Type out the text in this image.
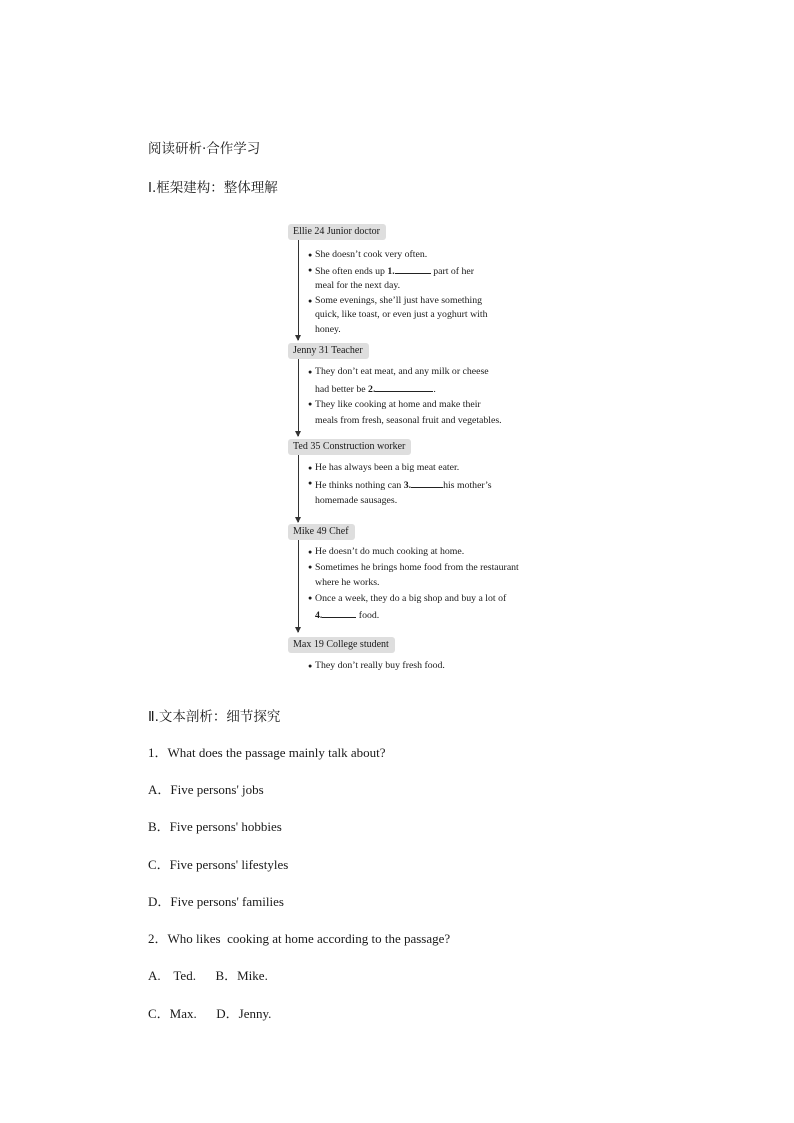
阅读研析·合作学习
Ⅰ.框架建构：整体理解
Ellie 24 Junior doctor
● She doesn’t cook very often.
● She often ends up 1.	part of her
meal for the next day.
● Some evenings, she’ll just have something
quick, like toast, or even just a yoghurt with
honey.
Jenny 31 Teacher
● They don’t eat meat, and any milk or cheese
had better be 2.	.
● They like cooking at home and make their
meals from fresh, seasonal fruit and vegetables.
Ted 35 Construction worker
● He has always been a big meat eater.
● He thinks nothing can 3.	his mother’s
homemade sausages.
Mike 49 Chef
● He doesn’t do much cooking at home.
● Sometimes he brings home food from the restaurant
where he works.
● Once a week, they do a big shop and buy a lot of
4.	food.
Max 19 College student
● They don’t really buy fresh food.
Ⅱ.文本剖析：细节探究
1．What does the passage mainly talk about?
A．Five persons' jobs
B．Five persons' hobbies
C．Five persons' lifestyles
D．Five persons' families
2．Who likes  cooking at home according to the passage?
A.    Ted.      B．Mike.
C．Max.      D．Jenny.
